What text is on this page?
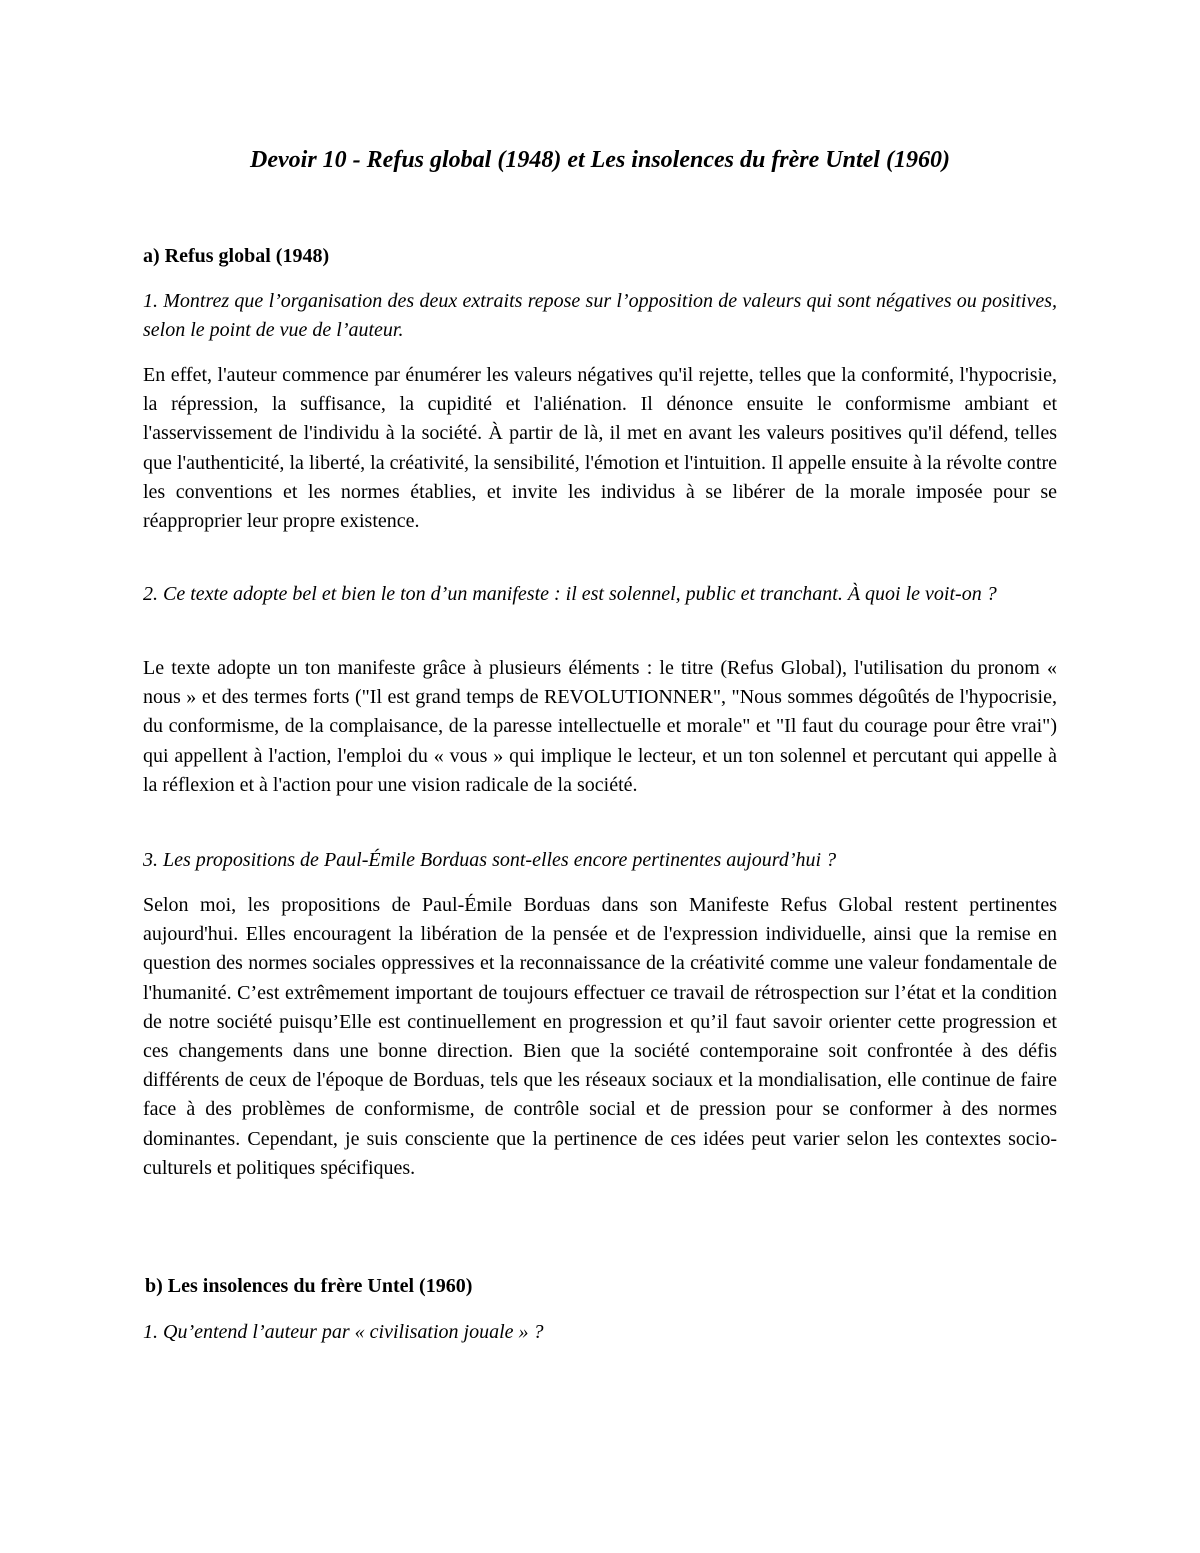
Devoir 10 - Refus global (1948) et Les insolences du frère Untel (1960)
a) Refus global (1948)

1. Montrez que l’organisation des deux extraits repose sur l’opposition de valeurs qui sont négatives ou positives, selon le point de vue de l’auteur.

En effet, l'auteur commence par énumérer les valeurs négatives qu'il rejette, telles que la conformité, l'hypocrisie, la répression, la suffisance, la cupidité et l'aliénation. Il dénonce ensuite le conformisme ambiant et l'asservissement de l'individu à la société. À partir de là, il met en avant les valeurs positives qu'il défend, telles que l'authenticité, la liberté, la créativité, la sensibilité, l'émotion et l'intuition. Il appelle ensuite à la révolte contre les conventions et les normes établies, et invite les individus à se libérer de la morale imposée pour se réapproprier leur propre existence.

2. Ce texte adopte bel et bien le ton d’un manifeste : il est solennel, public et tranchant. À quoi le voit-on ?

Le texte adopte un ton manifeste grâce à plusieurs éléments : le titre (Refus Global), l'utilisation du pronom « nous » et des termes forts ("Il est grand temps de REVOLUTIONNER", "Nous sommes dégoûtés de l'hypocrisie, du conformisme, de la complaisance, de la paresse intellectuelle et morale" et "Il faut du courage pour être vrai") qui appellent à l'action, l'emploi du « vous » qui implique le lecteur, et un ton solennel et percutant qui appelle à la réflexion et à l'action pour une vision radicale de la société.

3. Les propositions de Paul-Émile Borduas sont-elles encore pertinentes aujourd’hui ?

Selon moi, les propositions de Paul-Émile Borduas dans son Manifeste Refus Global restent pertinentes aujourd'hui. Elles encouragent la libération de la pensée et de l'expression individuelle, ainsi que la remise en question des normes sociales oppressives et la reconnaissance de la créativité comme une valeur fondamentale de l'humanité. C’est extrêmement important de toujours effectuer ce travail de rétrospection sur l’état et la condition de notre société puisqu’Elle est continuellement en progression et qu’il faut savoir orienter cette progression et ces changements dans une bonne direction. Bien que la société contemporaine soit confrontée à des défis différents de ceux de l'époque de Borduas, tels que les réseaux sociaux et la mondialisation, elle continue de faire face à des problèmes de conformisme, de contrôle social et de pression pour se conformer à des normes dominantes. Cependant, je suis consciente que la pertinence de ces idées peut varier selon les contextes socio-culturels et politiques spécifiques.

b) Les insolences du frère Untel (1960)

1. Qu’entend l’auteur par « civilisation jouale » ?
